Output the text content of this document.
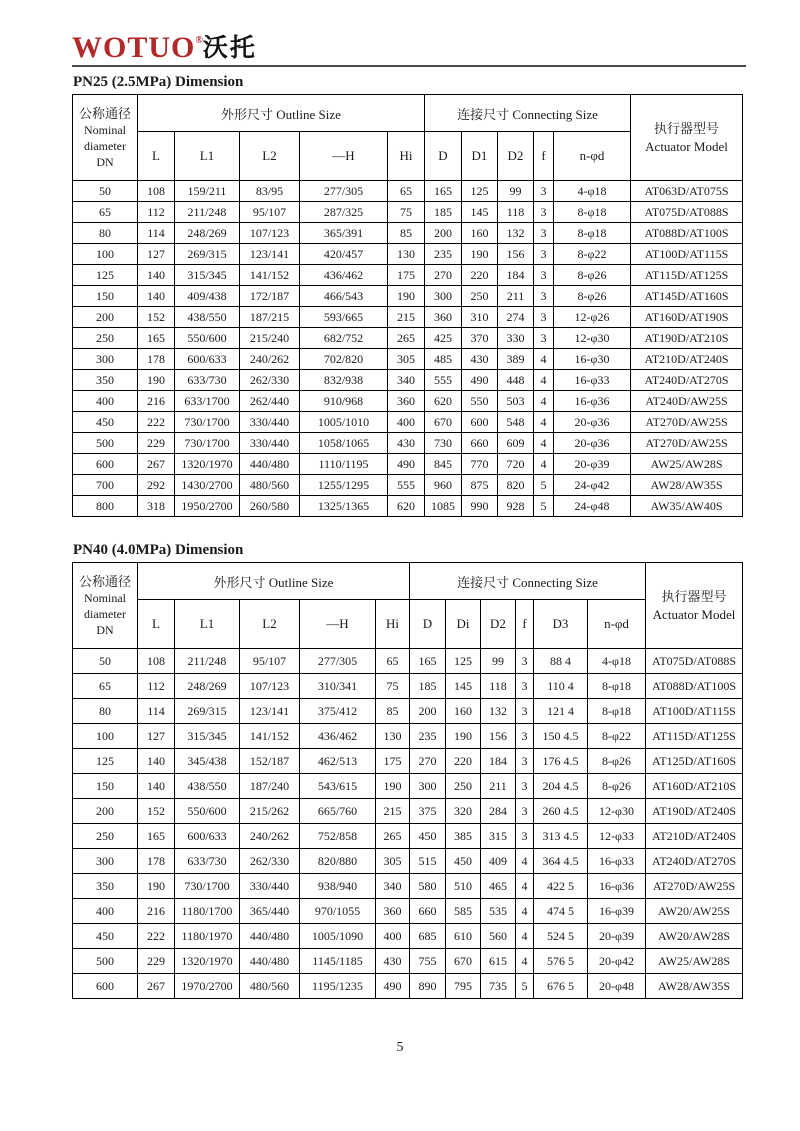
WOTUO®沃托
PN25 (2.5MPa) Dimension
公称通径
Nominal
diameter
DN
	外形尺寸 Outline Size	连接尺寸 Connecting Size	
执行器型号
Actuator Model

	L	L1	L2	—H	Hi	D	D1	D2	f	n-φd	
50	108	159/211	83/95	277/305	65	165	125	99	3	4-φ18	AT063D/AT075S
65	112	211/248	95/107	287/325	75	185	145	118	3	8-φ18	AT075D/AT088S
80	114	248/269	107/123	365/391	85	200	160	132	3	8-φ18	AT088D/AT100S
100	127	269/315	123/141	420/457	130	235	190	156	3	8-φ22	AT100D/AT115S
125	140	315/345	141/152	436/462	175	270	220	184	3	8-φ26	AT115D/AT125S
150	140	409/438	172/187	466/543	190	300	250	211	3	8-φ26	AT145D/AT160S
200	152	438/550	187/215	593/665	215	360	310	274	3	12-φ26	AT160D/AT190S
250	165	550/600	215/240	682/752	265	425	370	330	3	12-φ30	AT190D/AT210S
300	178	600/633	240/262	702/820	305	485	430	389	4	16-φ30	AT210D/AT240S
350	190	633/730	262/330	832/938	340	555	490	448	4	16-φ33	AT240D/AT270S
400	216	633/1700	262/440	910/968	360	620	550	503	4	16-φ36	AT240D/AW25S
450	222	730/1700	330/440	1005/1010	400	670	600	548	4	20-φ36	AT270D/AW25S
500	229	730/1700	330/440	1058/1065	430	730	660	609	4	20-φ36	AT270D/AW25S
600	267	1320/1970	440/480	1110/1195	490	845	770	720	4	20-φ39	AW25/AW28S
700	292	1430/2700	480/560	1255/1295	555	960	875	820	5	24-φ42	AW28/AW35S
800	318	1950/2700	260/580	1325/1365	620	1085	990	928	5	24-φ48	AW35/AW40S
PN40 (4.0MPa) Dimension
公称通径
Nominal
diameter
DN
	外形尺寸 Outline Size	连接尺寸 Connecting Size	
执行器型号
Actuator Model

	L	L1	L2	—H	Hi	D	Di	D2	f	D3	n-φd	
50	108	211/248	95/107	277/305	65	165	125	99	3	88 4	4-φ18	AT075D/AT088S
65	112	248/269	107/123	310/341	75	185	145	118	3	110 4	8-φ18	AT088D/AT100S
80	114	269/315	123/141	375/412	85	200	160	132	3	121 4	8-φ18	AT100D/AT115S
100	127	315/345	141/152	436/462	130	235	190	156	3	150 4.5	8-φ22	AT115D/AT125S
125	140	345/438	152/187	462/513	175	270	220	184	3	176 4.5	8-φ26	AT125D/AT160S
150	140	438/550	187/240	543/615	190	300	250	211	3	204 4.5	8-φ26	AT160D/AT210S
200	152	550/600	215/262	665/760	215	375	320	284	3	260 4.5	12-φ30	AT190D/AT240S
250	165	600/633	240/262	752/858	265	450	385	315	3	313 4.5	12-φ33	AT210D/AT240S
300	178	633/730	262/330	820/880	305	515	450	409	4	364 4.5	16-φ33	AT240D/AT270S
350	190	730/1700	330/440	938/940	340	580	510	465	4	422 5	16-φ36	AT270D/AW25S
400	216	1180/1700	365/440	970/1055	360	660	585	535	4	474 5	16-φ39	AW20/AW25S
450	222	1180/1970	440/480	1005/1090	400	685	610	560	4	524 5	20-φ39	AW20/AW28S
500	229	1320/1970	440/480	1145/1185	430	755	670	615	4	576 5	20-φ42	AW25/AW28S
600	267	1970/2700	480/560	1195/1235	490	890	795	735	5	676 5	20-φ48	AW28/AW35S
5
